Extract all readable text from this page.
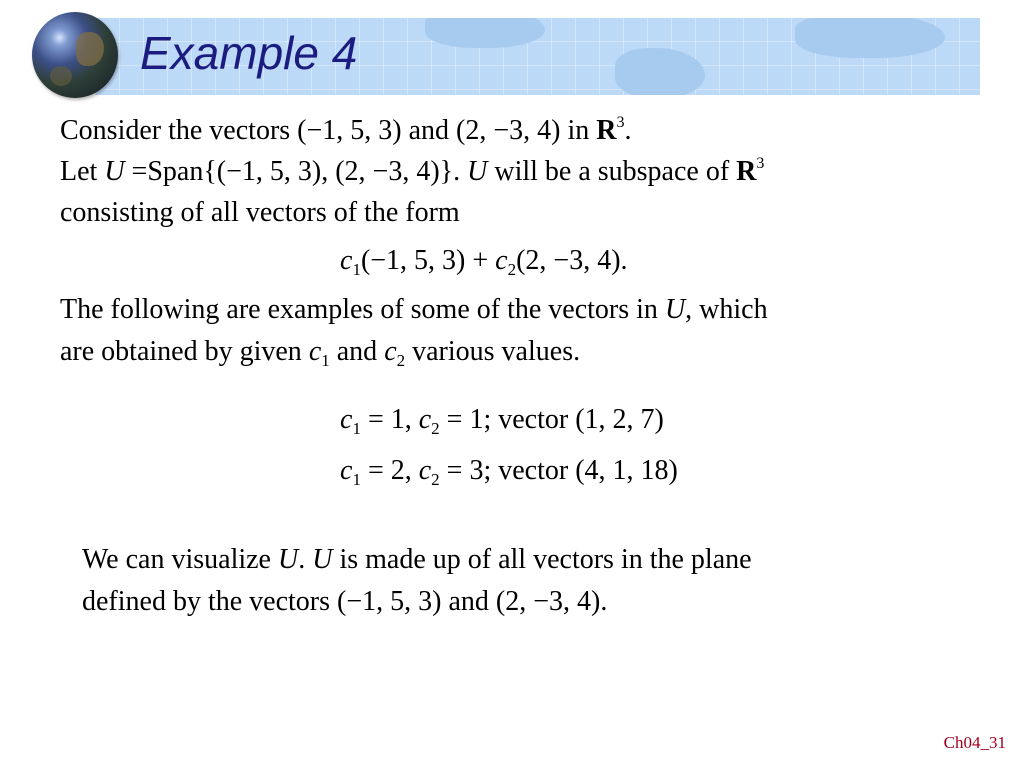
Example 4
Consider the vectors (−1, 5, 3) and (2, −3, 4) in $R^3$.
Let U =Span{(−1, 5, 3), (2, −3, 4)}. U will be a subspace of $R^3$
consisting of all vectors of the form
$c_1(-1$, 5, $3) + c_2(2$, −3, 4).
The following are examples of some of the vectors in U, which
are obtained by given $c_1$ and $c_2$ various values.
$c_1 = 1$, $c_2 = 1$; vector (1, 2, 7)
$c_1 = 2$, $c_2 = 3$; vector (4, 1, 18)
We can visualize U. U is made up of all vectors in the plane
defined by the vectors (−1, 5, 3) and (2, −3, 4).
Ch04_31
